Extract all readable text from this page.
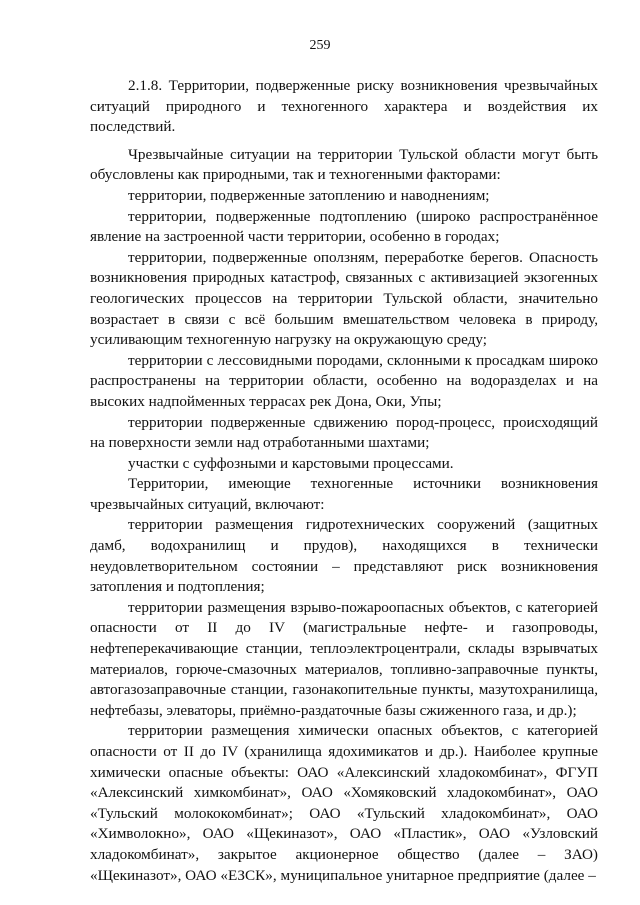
259

2.1.8. Территории, подверженные риску возникновения чрезвычайных ситуаций природного и техногенного характера и воздействия их последствий.

Чрезвычайные ситуации на территории Тульской области могут быть обусловлены как природными, так и техногенными факторами:

территории, подверженные затоплению и наводнениям;

территории, подверженные подтоплению (широко распространённое явление на застроенной части территории, особенно в городах;

территории, подверженные оползням, переработке берегов. Опасность возникновения природных катастроф, связанных с активизацией экзогенных геологических процессов на территории Тульской области, значительно возрастает в связи с всё большим вмешательством человека в природу, усиливающим техногенную нагрузку на окружающую среду;

территории с лессовидными породами, склонными к просадкам широко распространены на территории области, особенно на водоразделах и на высоких надпойменных террасах рек Дона, Оки, Упы;

территории подверженные сдвижению пород-процесс, происходящий на поверхности земли над отработанными шахтами;

участки с суффозными и карстовыми процессами.

Территории, имеющие техногенные источники возникновения чрезвычайных ситуаций, включают:

территории размещения гидротехнических сооружений (защитных дамб, водохранилищ и прудов), находящихся в технически неудовлетворительном состоянии – представляют риск возникновения затопления и подтопления;

территории размещения взрыво-пожароопасных объектов, с категорией опасности от II до IV (магистральные нефте- и газопроводы, нефтеперекачивающие станции, теплоэлектроцентрали, склады взрывчатых материалов, горюче-смазочных материалов, топливно-заправочные пункты, автогазозаправочные станции, газонакопительные пункты, мазутохранилища, нефтебазы, элеваторы, приёмно-раздаточные базы сжиженного газа, и др.);

территории размещения химически опасных объектов, с категорией опасности от II до IV (хранилища ядохимикатов и др.). Наиболее крупные химически опасные объекты: ОАО «Алексинский хладокомбинат», ФГУП «Алексинский химкомбинат», ОАО «Хомяковский хладокомбинат», ОАО «Тульский молококомбинат»; ОАО «Тульский хладокомбинат», ОАО «Химволокно», ОАО «Щекиназот», ОАО «Пластик», ОАО «Узловский хладокомбинат», закрытое акционерное общество (далее – ЗАО) «Щекиназот», ОАО «ЕЗСК», муниципальное унитарное предприятие (далее –
